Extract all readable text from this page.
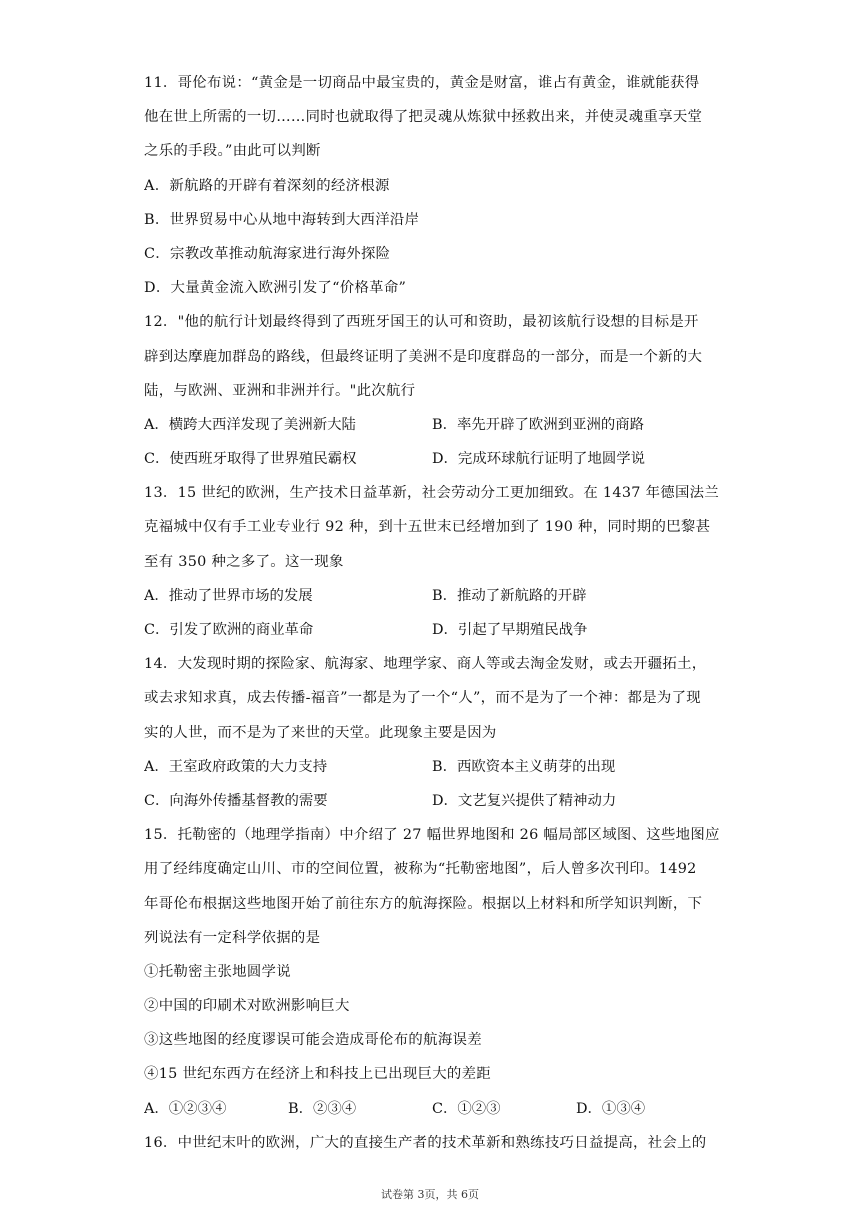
11．哥伦布说：“黄金是一切商品中最宝贵的，黄金是财富，谁占有黄金，谁就能获得
他在世上所需的一切……同时也就取得了把灵魂从炼狱中拯救出来，并使灵魂重享天堂
之乐的手段。”由此可以判断
A．新航路的开辟有着深刻的经济根源
B．世界贸易中心从地中海转到大西洋沿岸
C．宗教改革推动航海家进行海外探险
D．大量黄金流入欧洲引发了“价格革命”
12．"他的航行计划最终得到了西班牙国王的认可和资助，最初该航行设想的目标是开
辟到达摩鹿加群岛的路线，但最终证明了美洲不是印度群岛的一部分，而是一个新的大
陆，与欧洲、亚洲和非洲并行。"此次航行
A．横跨大西洋发现了美洲新大陆	B．率先开辟了欧洲到亚洲的商路
C．使西班牙取得了世界殖民霸权	D．完成环球航行证明了地圆学说
13．15 世纪的欧洲，生产技术日益革新，社会劳动分工更加细致。在 1437 年德国法兰
克福城中仅有手工业专业行 92 种，到十五世末已经增加到了 190 种，同时期的巴黎甚
至有 350 种之多了。这一现象
A．推动了世界市场的发展	B．推动了新航路的开辟
C．引发了欧洲的商业革命	D．引起了早期殖民战争
14．大发现时期的探险家、航海家、地理学家、商人等或去淘金发财，或去开疆拓土，
或去求知求真，成去传播-福音”一都是为了一个“人”，而不是为了一个神：都是为了现
实的人世，而不是为了来世的天堂。此现象主要是因为
A．王室政府政策的大力支持	B．西欧资本主义萌芽的出现
C．向海外传播基督教的需要	D．文艺复兴提供了精神动力
15．托勒密的（地理学指南）中介绍了 27 幅世界地图和 26 幅局部区域图、这些地图应
用了经纬度确定山川、市的空间位置，被称为“托勒密地图”，后人曾多次刊印。1492
年哥伦布根据这些地图开始了前往东方的航海探险。根据以上材料和所学知识判断，下
列说法有一定科学依据的是
①托勒密主张地圆学说
②中国的印刷术对欧洲影响巨大
③这些地图的经度谬误可能会造成哥伦布的航海误差
④15 世纪东西方在经济上和科技上已出现巨大的差距
A．①②③④	B．②③④	C．①②③	D．①③④
16．中世纪末叶的欧洲，广大的直接生产者的技术革新和熟练技巧日益提高，社会上的
试卷第 3页，共 6页
